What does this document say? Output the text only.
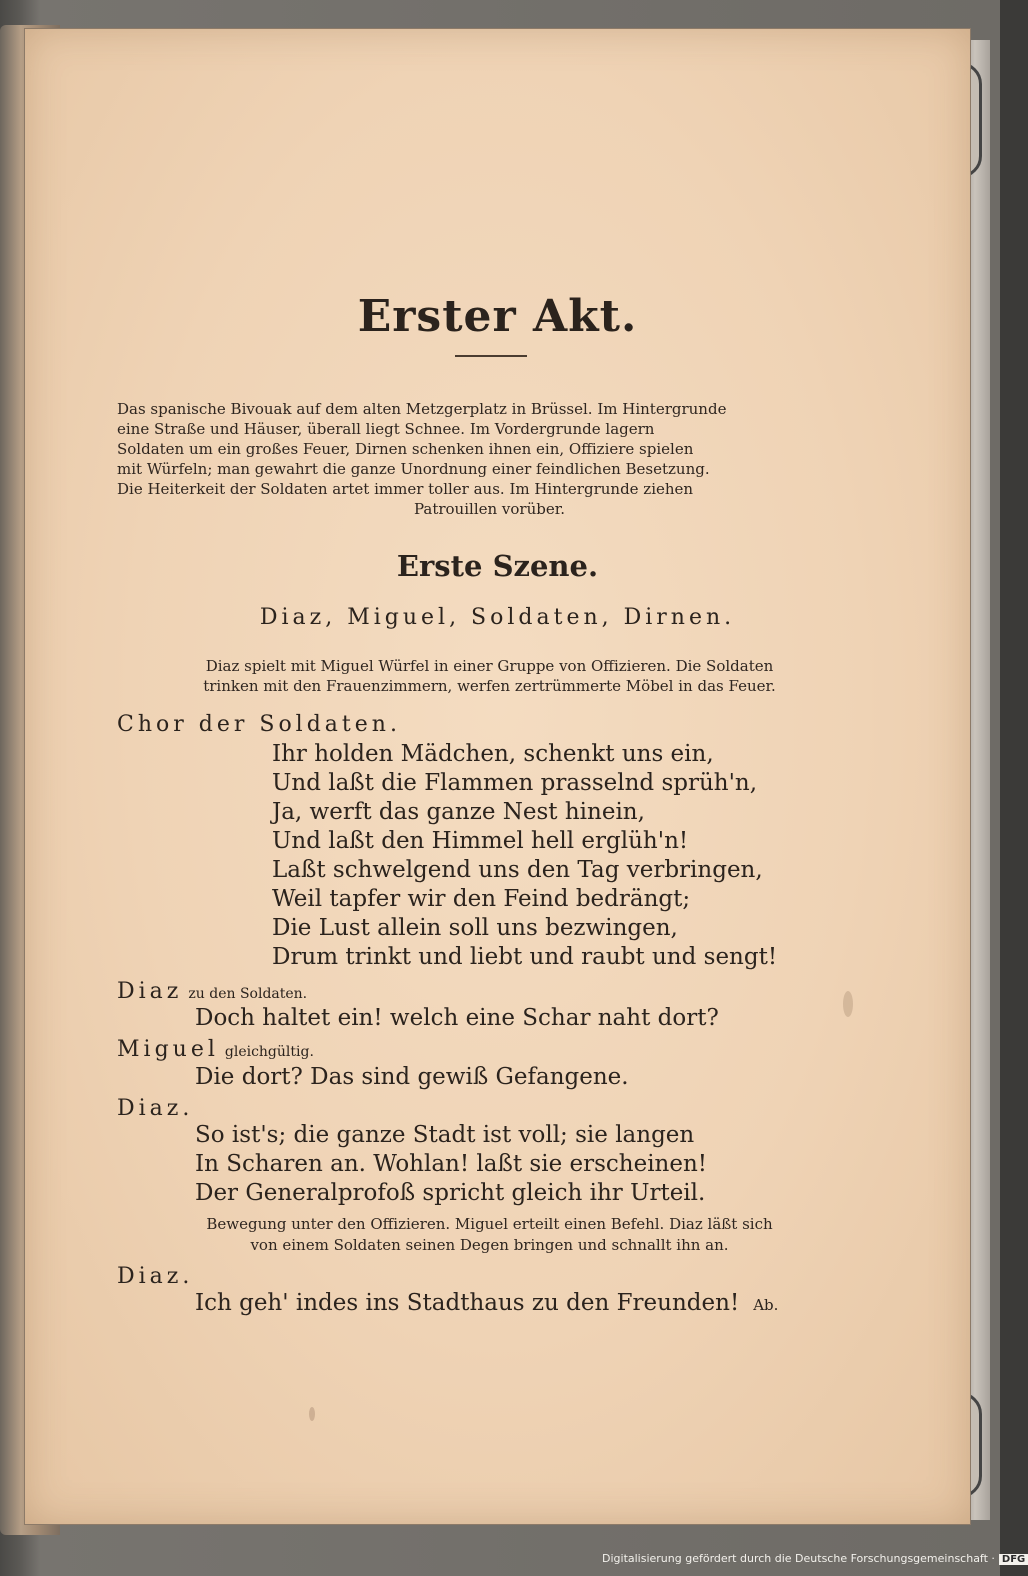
Erster Akt.
Das spanische Bivouak auf dem alten Metzgerplatz in Brüssel. Im Hintergrunde
eine Straße und Häuser, überall liegt Schnee. Im Vordergrunde lagern
Soldaten um ein großes Feuer, Dirnen schenken ihnen ein, Offiziere spielen
mit Würfeln; man gewahrt die ganze Unordnung einer feindlichen Besetzung.
Die Heiterkeit der Soldaten artet immer toller aus. Im Hintergrunde ziehen
Patrouillen vorüber.
Erste Szene.
Diaz, Miguel, Soldaten, Dirnen.
Diaz spielt mit Miguel Würfel in einer Gruppe von Offizieren. Die Soldaten
trinken mit den Frauenzimmern, werfen zertrümmerte Möbel in das Feuer.
Chor der Soldaten.
Ihr holden Mädchen, schenkt uns ein,
Und laßt die Flammen prasselnd sprüh'n,
Ja, werft das ganze Nest hinein,
Und laßt den Himmel hell erglüh'n!
Laßt schwelgend uns den Tag verbringen,
Weil tapfer wir den Feind bedrängt;
Die Lust allein soll uns bezwingen,
Drum trinkt und liebt und raubt und sengt!
Diaz zu den Soldaten.
Doch haltet ein! welch eine Schar naht dort?
Miguel gleichgültig.
Die dort? Das sind gewiß Gefangene.
Diaz.
So ist's; die ganze Stadt ist voll; sie langen
In Scharen an. Wohlan! laßt sie erscheinen!
Der Generalprofoß spricht gleich ihr Urteil.
Bewegung unter den Offizieren. Miguel erteilt einen Befehl. Diaz läßt sich
von einem Soldaten seinen Degen bringen und schnallt ihn an.
Diaz.
Ich geh' indes ins Stadthaus zu den Freunden! Ab.
Digitalisierung gefördert durch die Deutsche Forschungsgemeinschaft · DFG
